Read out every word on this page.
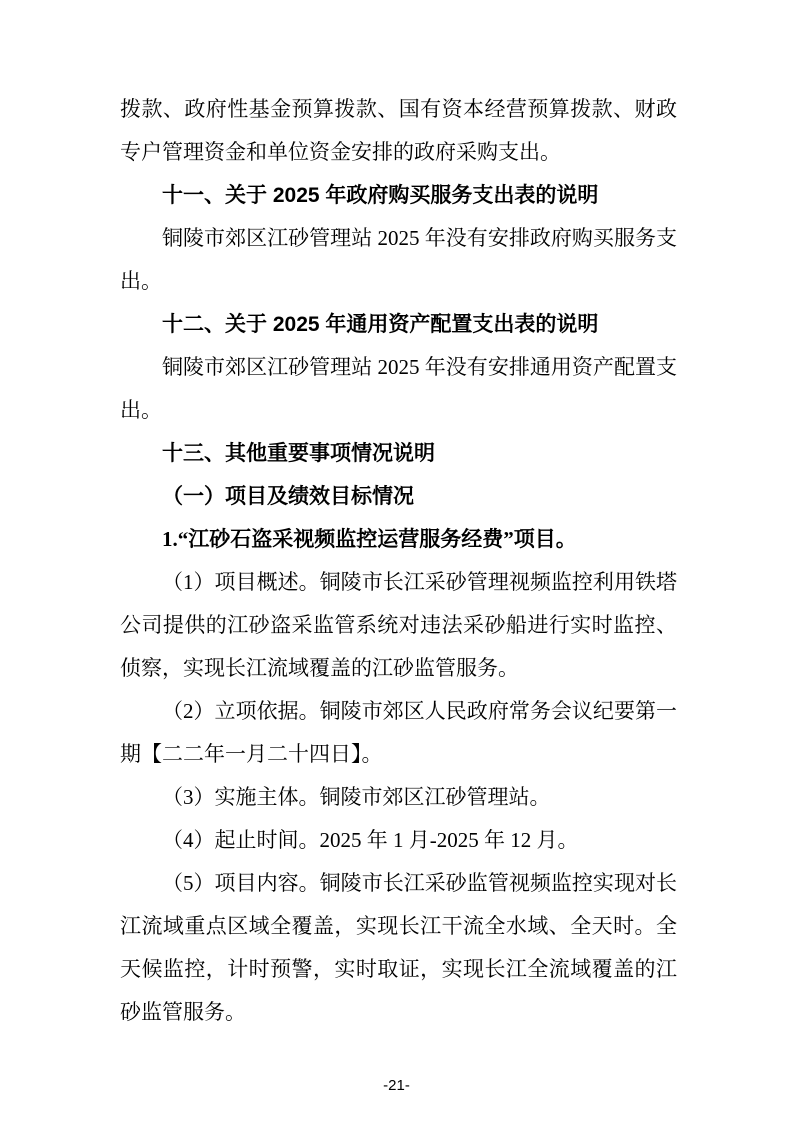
拨款、政府性基金预算拨款、国有资本经营预算拨款、财政专户管理资金和单位资金安排的政府采购支出。

十一、关于 2025 年政府购买服务支出表的说明

铜陵市郊区江砂管理站 2025 年没有安排政府购买服务支出。

十二、关于 2025 年通用资产配置支出表的说明

铜陵市郊区江砂管理站 2025 年没有安排通用资产配置支出。

十三、其他重要事项情况说明

（一）项目及绩效目标情况

1.“江砂石盗采视频监控运营服务经费”项目。

（1）项目概述。铜陵市长江采砂管理视频监控利用铁塔公司提供的江砂盗采监管系统对违法采砂船进行实时监控、侦察，实现长江流域覆盖的江砂监管服务。

（2）立项依据。铜陵市郊区人民政府常务会议纪要第一期【二二年一月二十四日】。

（3）实施主体。铜陵市郊区江砂管理站。

（4）起止时间。2025 年 1 月-2025 年 12 月。

（5）项目内容。铜陵市长江采砂监管视频监控实现对长江流域重点区域全覆盖，实现长江干流全水域、全天时。全天候监控，计时预警，实时取证，实现长江全流域覆盖的江砂监管服务。

-21-
